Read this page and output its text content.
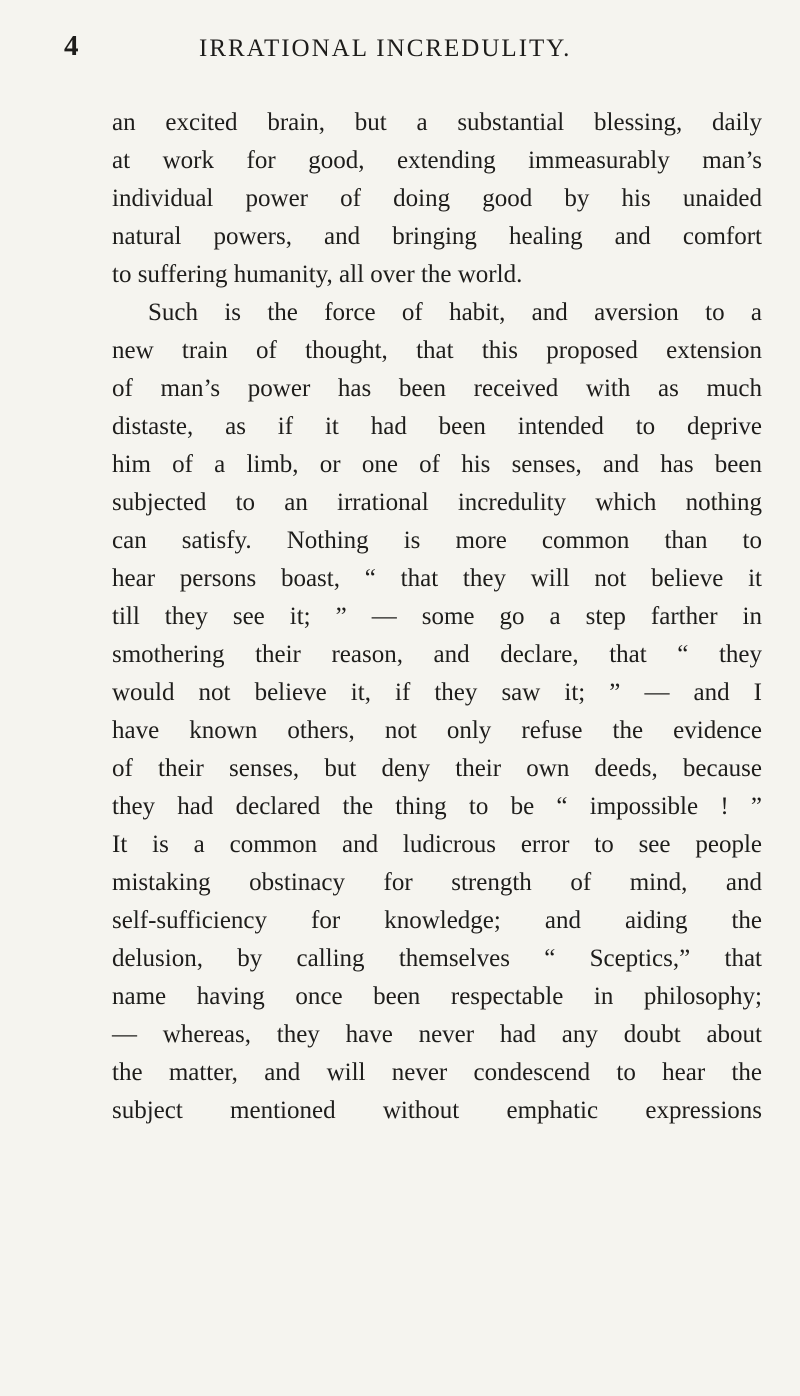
4	IRRATIONAL INCREDULITY.
an excited brain, but a substantial blessing, daily
at work for good, extending immeasurably man’s
individual power of doing good by his unaided
natural powers, and bringing healing and comfort
to suffering humanity, all over the world.
Such is the force of habit, and aversion to a
new train of thought, that this proposed extension
of man’s power has been received with as much
distaste, as if it had been intended to deprive
him of a limb, or one of his senses, and has been
subjected to an irrational incredulity which nothing
can satisfy. Nothing is more common than to
hear persons boast, “ that they will not believe it
till they see it; ” — some go a step farther in
smothering their reason, and declare, that “ they
would not believe it, if they saw it; ” — and I
have known others, not only refuse the evidence
of their senses, but deny their own deeds, because
they had declared the thing to be “ impossible ! ”
It is a common and ludicrous error to see people
mistaking obstinacy for strength of mind, and
self-sufficiency for knowledge; and aiding the
delusion, by calling themselves “ Sceptics,” that
name having once been respectable in philosophy;
— whereas, they have never had any doubt about
the matter, and will never condescend to hear the
subject mentioned without emphatic expressions
